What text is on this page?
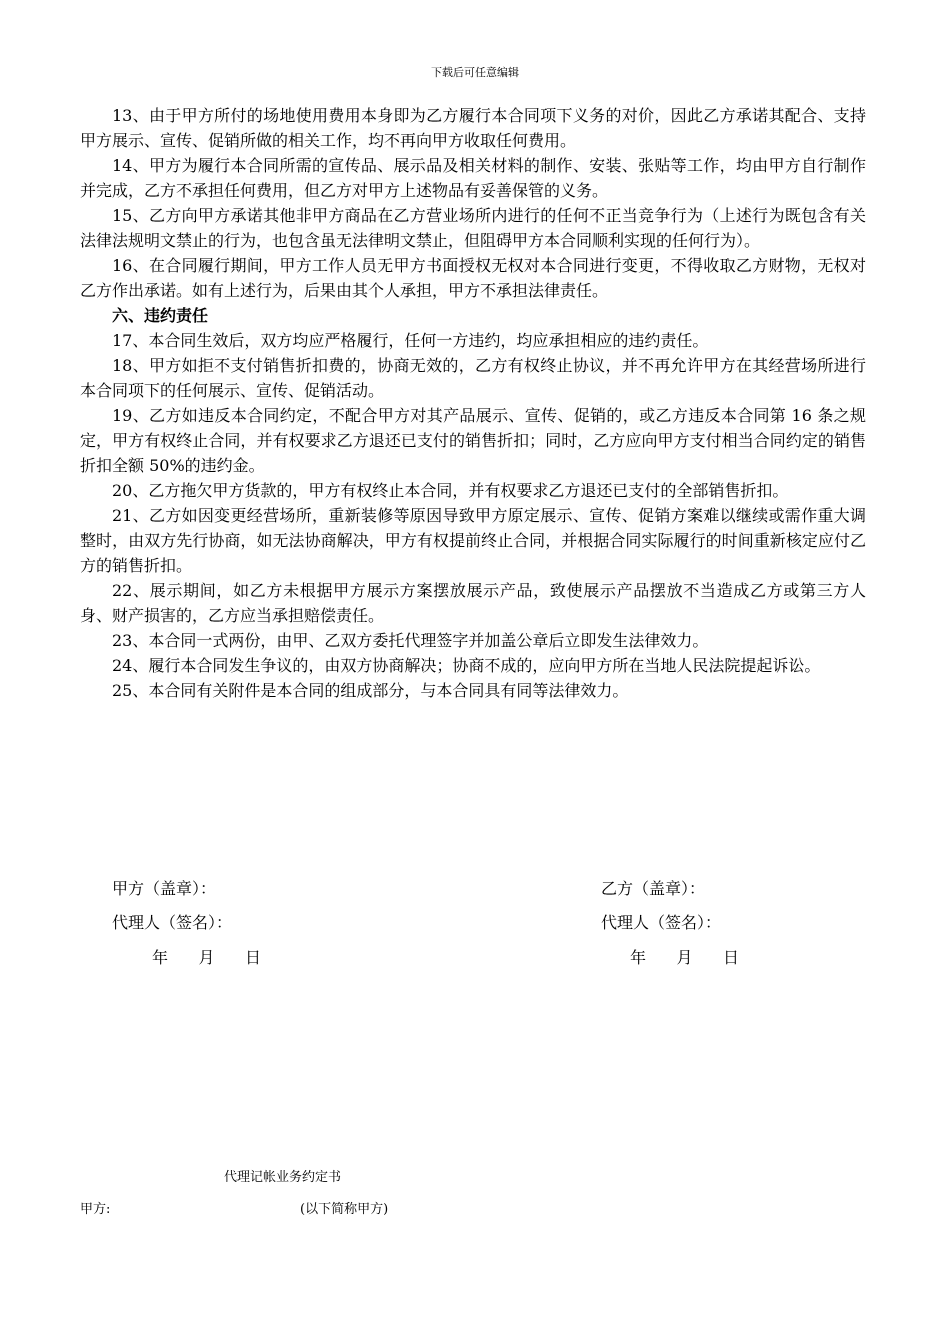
下载后可任意编辑

13、由于甲方所付的场地使用费用本身即为乙方履行本合同项下义务的对价，因此乙方承诺其配合、支持甲方展示、宣传、促销所做的相关工作，均不再向甲方收取任何费用。

14、甲方为履行本合同所需的宣传品、展示品及相关材料的制作、安装、张贴等工作，均由甲方自行制作并完成，乙方不承担任何费用，但乙方对甲方上述物品有妥善保管的义务。

15、乙方向甲方承诺其他非甲方商品在乙方营业场所内进行的任何不正当竞争行为（上述行为既包含有关法律法规明文禁止的行为，也包含虽无法律明文禁止，但阻碍甲方本合同顺利实现的任何行为）。

16、在合同履行期间，甲方工作人员无甲方书面授权无权对本合同进行变更，不得收取乙方财物，无权对乙方作出承诺。如有上述行为，后果由其个人承担，甲方不承担法律责任。

六、违约责任

17、本合同生效后，双方均应严格履行，任何一方违约，均应承担相应的违约责任。

18、甲方如拒不支付销售折扣费的，协商无效的，乙方有权终止协议，并不再允许甲方在其经营场所进行本合同项下的任何展示、宣传、促销活动。

19、乙方如违反本合同约定，不配合甲方对其产品展示、宣传、促销的，或乙方违反本合同第 16 条之规定，甲方有权终止合同，并有权要求乙方退还已支付的销售折扣；同时，乙方应向甲方支付相当合同约定的销售折扣全额 50%的违约金。

20、乙方拖欠甲方货款的，甲方有权终止本合同，并有权要求乙方退还已支付的全部销售折扣。

21、乙方如因变更经营场所，重新装修等原因导致甲方原定展示、宣传、促销方案难以继续或需作重大调整时，由双方先行协商，如无法协商解决，甲方有权提前终止合同，并根据合同实际履行的时间重新核定应付乙方的销售折扣。

22、展示期间，如乙方未根据甲方展示方案摆放展示产品，致使展示产品摆放不当造成乙方或第三方人身、财产损害的，乙方应当承担赔偿责任。

23、本合同一式两份，由甲、乙双方委托代理签字并加盖公章后立即发生法律效力。

24、履行本合同发生争议的，由双方协商解决；协商不成的，应向甲方所在当地人民法院提起诉讼。

25、本合同有关附件是本合同的组成部分，与本合同具有同等法律效力。

甲方（盖章）：
代理人（签名）：
年      月      日
乙方（盖章）：
代理人（签名）：
年      月      日
代理记帐业务约定书
甲方:	(以下简称甲方)
